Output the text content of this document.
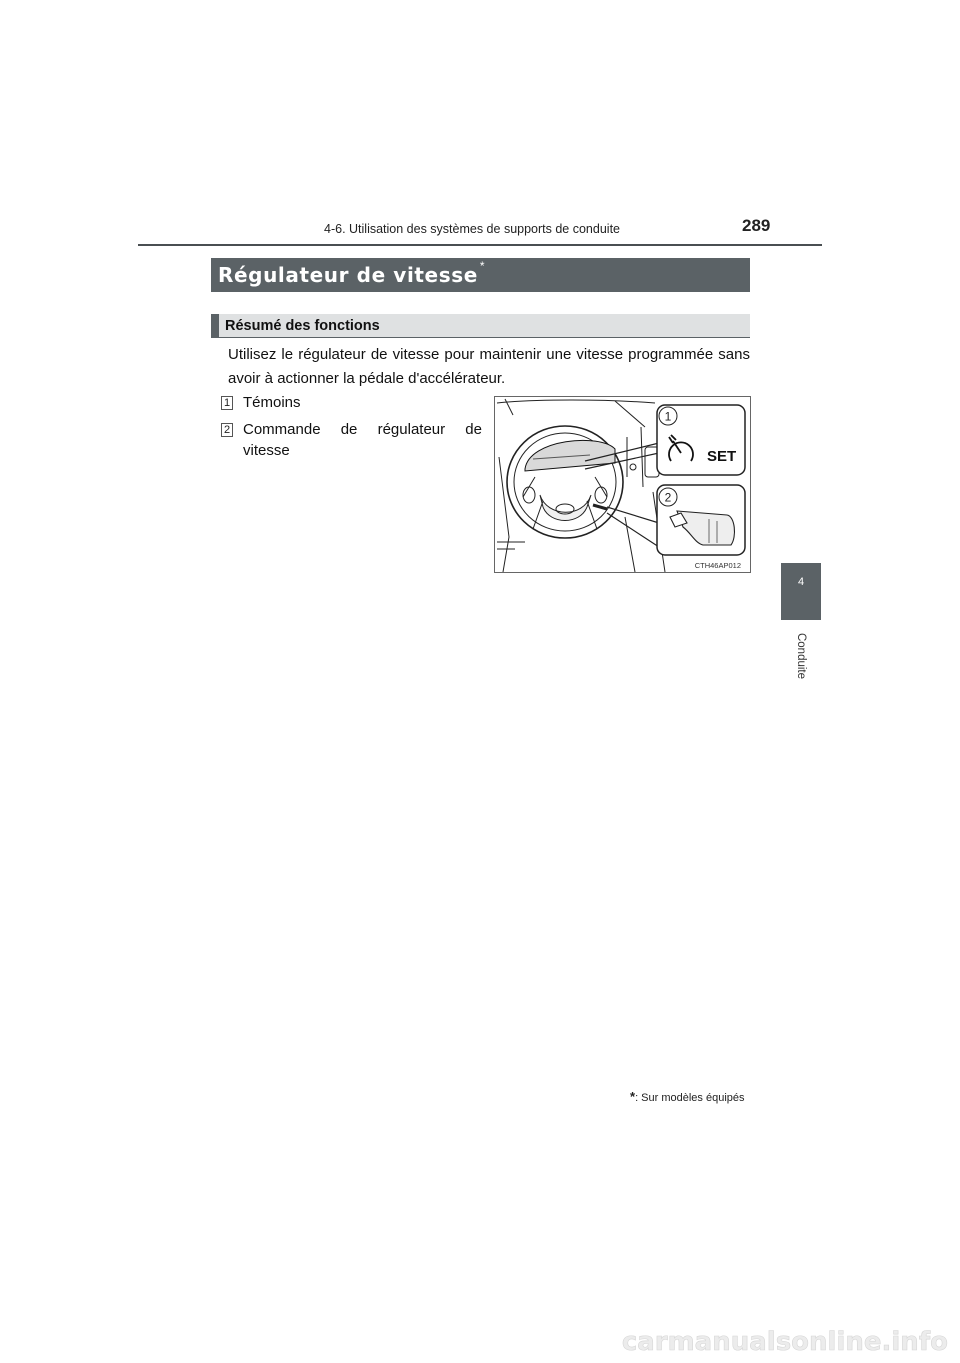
4-6. Utilisation des systèmes de supports de conduite	289
4
Conduite
Régulateur de vitesse *
Résumé des fonctions
Utilisez le régulateur de vitesse pour maintenir une vitesse programmée sans avoir à actionner la pédale d'accélérateur.
1 Témoins
2 Commande de régulateur de vitesse
1
SET
2
CTH46AP012
*: Sur modèles équipés
carmanualsonline.info
